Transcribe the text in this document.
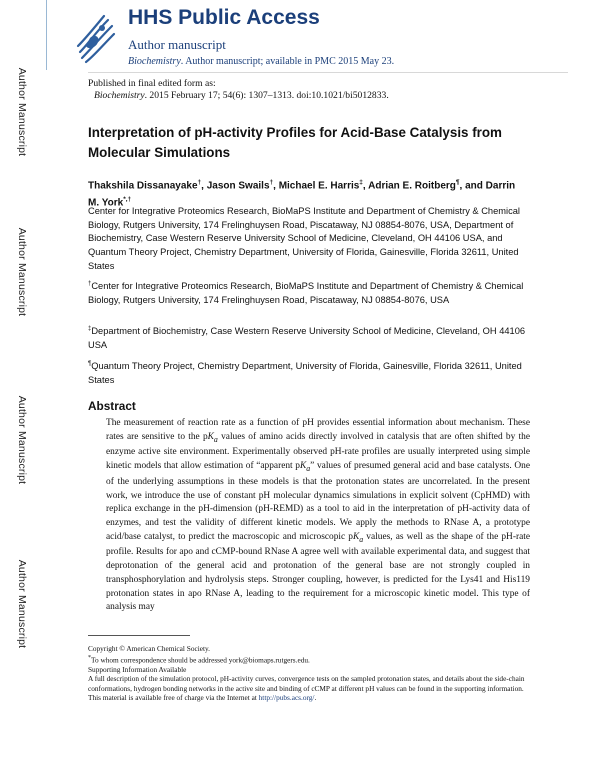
Author Manuscript
Author Manuscript
Author Manuscript
Author Manuscript
HHS Public Access
Author manuscript
Biochemistry. Author manuscript; available in PMC 2015 May 23.
Published in final edited form as:
Biochemistry. 2015 February 17; 54(6): 1307–1313. doi:10.1021/bi5012833.
Interpretation of pH-activity Profiles for Acid-Base Catalysis from Molecular Simulations
Thakshila Dissanayake†, Jason Swails†, Michael E. Harris‡, Adrian E. Roitberg¶, and Darrin M. York*,†
Center for Integrative Proteomics Research, BioMaPS Institute and Department of Chemistry & Chemical Biology, Rutgers University, 174 Frelinghuysen Road, Piscataway, NJ 08854-8076, USA, Department of Biochemistry, Case Western Reserve University School of Medicine, Cleveland, OH 44106 USA, and Quantum Theory Project, Chemistry Department, University of Florida, Gainesville, Florida 32611, United States
†Center for Integrative Proteomics Research, BioMaPS Institute and Department of Chemistry & Chemical Biology, Rutgers University, 174 Frelinghuysen Road, Piscataway, NJ 08854-8076, USA
‡Department of Biochemistry, Case Western Reserve University School of Medicine, Cleveland, OH 44106 USA
¶Quantum Theory Project, Chemistry Department, University of Florida, Gainesville, Florida 32611, United States
Abstract
The measurement of reaction rate as a function of pH provides essential information about mechanism. These rates are sensitive to the $pK_a$ values of amino acids directly involved in catalysis that are often shifted by the enzyme active site environment. Experimentally observed pH-rate profiles are usually interpreted using simple kinetic models that allow estimation of “apparent $pK_a$” values of presumed general acid and base catalysts. One of the underlying assumptions in these models is that the protonation states are uncorrelated. In the present work, we introduce the use of constant pH molecular dynamics simulations in explicit solvent (CpHMD) with replica exchange in the pH-dimension (pH-REMD) as a tool to aid in the interpretation of pH-activity data of enzymes, and test the validity of different kinetic models. We apply the methods to RNase A, a prototype acid/base catalyst, to predict the macroscopic and microscopic $pK_a$ values, as well as the shape of the pH-rate profile. Results for apo and cCMP-bound RNase A agree well with available experimental data, and suggest that deprotonation of the general acid and protonation of the general base are not strongly coupled in transphosphorylation and hydrolysis steps. Stronger coupling, however, is predicted for the Lys41 and His119 protonation states in apo RNase A, leading to the requirement for a microscopic kinetic model. This type of analysis may

Copyright © American Chemical Society.

*To whom correspondence should be addressed york@biomaps.rutgers.edu.

Supporting Information Available

A full description of the simulation protocol, pH-activity curves, convergence tests on the sampled protonation states, and details about the side-chain conformations, hydrogen bonding networks in the active site and binding of cCMP at different pH values can be found in the supporting information. This material is available free of charge via the Internet at http://pubs.acs.org/.
